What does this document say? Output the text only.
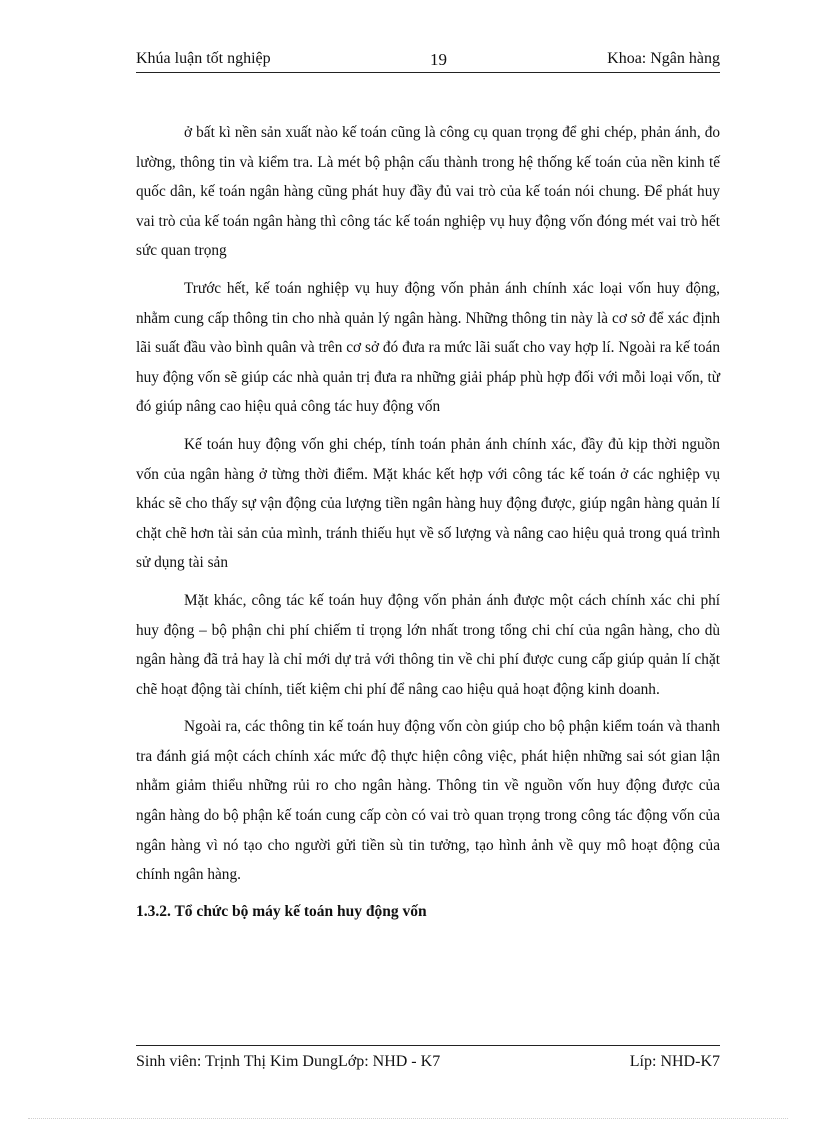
Khúa luận tốt nghiệp	19	Khoa: Ngân hàng

ở bất kì nền sản xuất nào kế toán cũng là công cụ quan trọng để ghi chép, phản ánh, đo lường, thông tin và kiểm tra. Là mét bộ phận cấu thành trong hệ thống kế toán của nền kinh tế quốc dân, kế toán ngân hàng cũng phát huy đầy đủ vai trò của kế toán nói chung. Để phát huy vai trò của kế toán ngân hàng thì công tác kế toán nghiệp vụ huy động vốn đóng mét vai trò hết sức quan trọng

Trước hết, kế toán nghiệp vụ huy động vốn phản ánh chính xác loại vốn huy động, nhằm cung cấp thông tin cho nhà quản lý ngân hàng. Những thông tin này là cơ sở để xác định lãi suất đầu vào bình quân và trên cơ sở đó đưa ra mức lãi suất cho vay hợp lí. Ngoài ra kế toán huy động vốn sẽ giúp các nhà quản trị đưa ra những giải pháp phù hợp đối với mỗi loại vốn, từ đó giúp nâng cao hiệu quả công tác huy động vốn

Kế toán huy động vốn ghi chép, tính toán phản ánh chính xác, đầy đủ kịp thời nguồn vốn của ngân hàng ở từng thời điểm. Mặt khác kết hợp với công tác kế toán ở các nghiệp vụ khác sẽ cho thấy sự vận động của lượng tiền ngân hàng huy động được, giúp ngân hàng quản lí chặt chẽ hơn tài sản của mình, tránh thiếu hụt về số lượng và nâng cao hiệu quả trong quá trình sử dụng tài sản

Mặt khác, công tác kế toán huy động vốn phản ánh được một cách chính xác chi phí huy động – bộ phận chi phí chiếm tỉ trọng lớn nhất trong tổng chi chí của ngân hàng, cho dù ngân hàng đã trả hay là chỉ mới dự trả với thông tin về chi phí được cung cấp giúp quản lí chặt chẽ hoạt động tài chính, tiết kiệm chi phí để nâng cao hiệu quả hoạt động kinh doanh.

Ngoài ra, các thông tin kế toán huy động vốn còn giúp cho bộ phận kiểm toán và thanh tra đánh giá một cách chính xác mức độ thực hiện công việc, phát hiện những sai sót gian lận nhằm giảm thiểu những rủi ro cho ngân hàng. Thông tin về nguồn vốn huy động được của ngân hàng do bộ phận kế toán cung cấp còn có vai trò quan trọng trong công tác động vốn của ngân hàng vì nó tạo cho người gửi tiền sù tin tưởng, tạo hình ảnh về quy mô hoạt động của chính ngân hàng.

1.3.2. Tổ chức bộ máy kế toán huy động vốn
Sinh viên: Trịnh Thị Kim DungLớp: NHD - K7	Líp: NHD-K7
